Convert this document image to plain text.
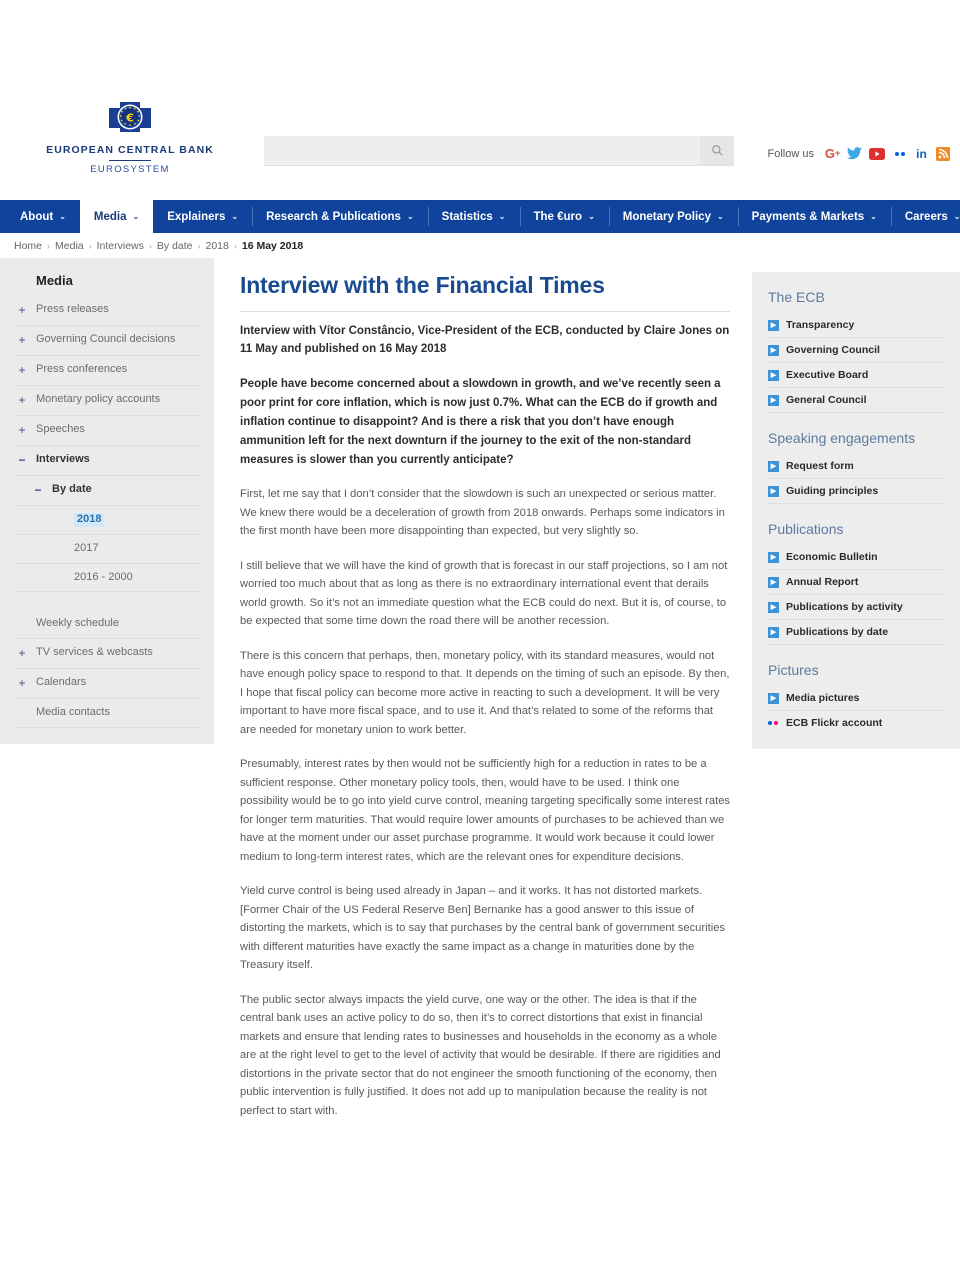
€
EUROPEAN CENTRAL BANK
EUROSYSTEM
Follow us G +	in
About ⌄ Media ⌄ Explainers ⌄ Research & Publications ⌄ Statistics ⌄ The €uro ⌄ Monetary Policy ⌄ Payments & Markets ⌄ Careers ⌄
Home › Media › Interviews › By date › 2018 › 16 May 2018
Media
+ Press releases
+ Governing Council decisions
+ Press conferences
+ Monetary policy accounts
+ Speeches
− Interviews
− By date
2018
2017
2016 - 2000
Weekly schedule
+ TV services & webcasts
+ Calendars
Media contacts
Interview with the Financial Times
Interview with Vítor Constâncio, Vice-President of the ECB, conducted by Claire Jones on 11 May and published on 16 May 2018
People have become concerned about a slowdown in growth, and we’ve recently seen a poor print for core inflation, which is now just 0.7%. What can the ECB do if growth and inflation continue to disappoint? And is there a risk that you don’t have enough ammunition left for the next downturn if the journey to the exit of the non-standard measures is slower than you currently anticipate?

First, let me say that I don’t consider that the slowdown is such an unexpected or serious matter. We knew there would be a deceleration of growth from 2018 onwards. Perhaps some indicators in the first month have been more disappointing than expected, but very slightly so.

I still believe that we will have the kind of growth that is forecast in our staff projections, so I am not worried too much about that as long as there is no extraordinary international event that derails world growth. So it’s not an immediate question what the ECB could do next. But it is, of course, to be expected that some time down the road there will be another recession.

There is this concern that perhaps, then, monetary policy, with its standard measures, would not have enough policy space to respond to that. It depends on the timing of such an episode. By then, I hope that fiscal policy can become more active in reacting to such a development. It will be very important to have more fiscal space, and to use it. And that’s related to some of the reforms that are needed for monetary union to work better.

Presumably, interest rates by then would not be sufficiently high for a reduction in rates to be a sufficient response. Other monetary policy tools, then, would have to be used. I think one possibility would be to go into yield curve control, meaning targeting specifically some interest rates for longer term maturities. That would require lower amounts of purchases to be achieved than we have at the moment under our asset purchase programme. It would work because it could lower medium to long-term interest rates, which are the relevant ones for expenditure decisions.

Yield curve control is being used already in Japan – and it works. It has not distorted markets. [Former Chair of the US Federal Reserve Ben] Bernanke has a good answer to this issue of distorting the markets, which is to say that purchases by the central bank of government securities with different maturities have exactly the same impact as a change in maturities done by the Treasury itself.

The public sector always impacts the yield curve, one way or the other. The idea is that if the central bank uses an active policy to do so, then it’s to correct distortions that exist in financial markets and ensure that lending rates to businesses and households in the economy as a whole are at the right level to get to the level of activity that would be desirable. If there are rigidities and distortions in the private sector that do not engineer the smooth functioning of the economy, then public intervention is fully justified. It does not add up to manipulation because the reality is not perfect to start with.

The ECB
▶ Transparency
▶ Governing Council
▶ Executive Board
▶ General Council
Speaking engagements
▶ Request form
▶ Guiding principles
Publications
▶ Economic Bulletin
▶ Annual Report
▶ Publications by activity
▶ Publications by date
Pictures
▶ Media pictures
ECB Flickr account
